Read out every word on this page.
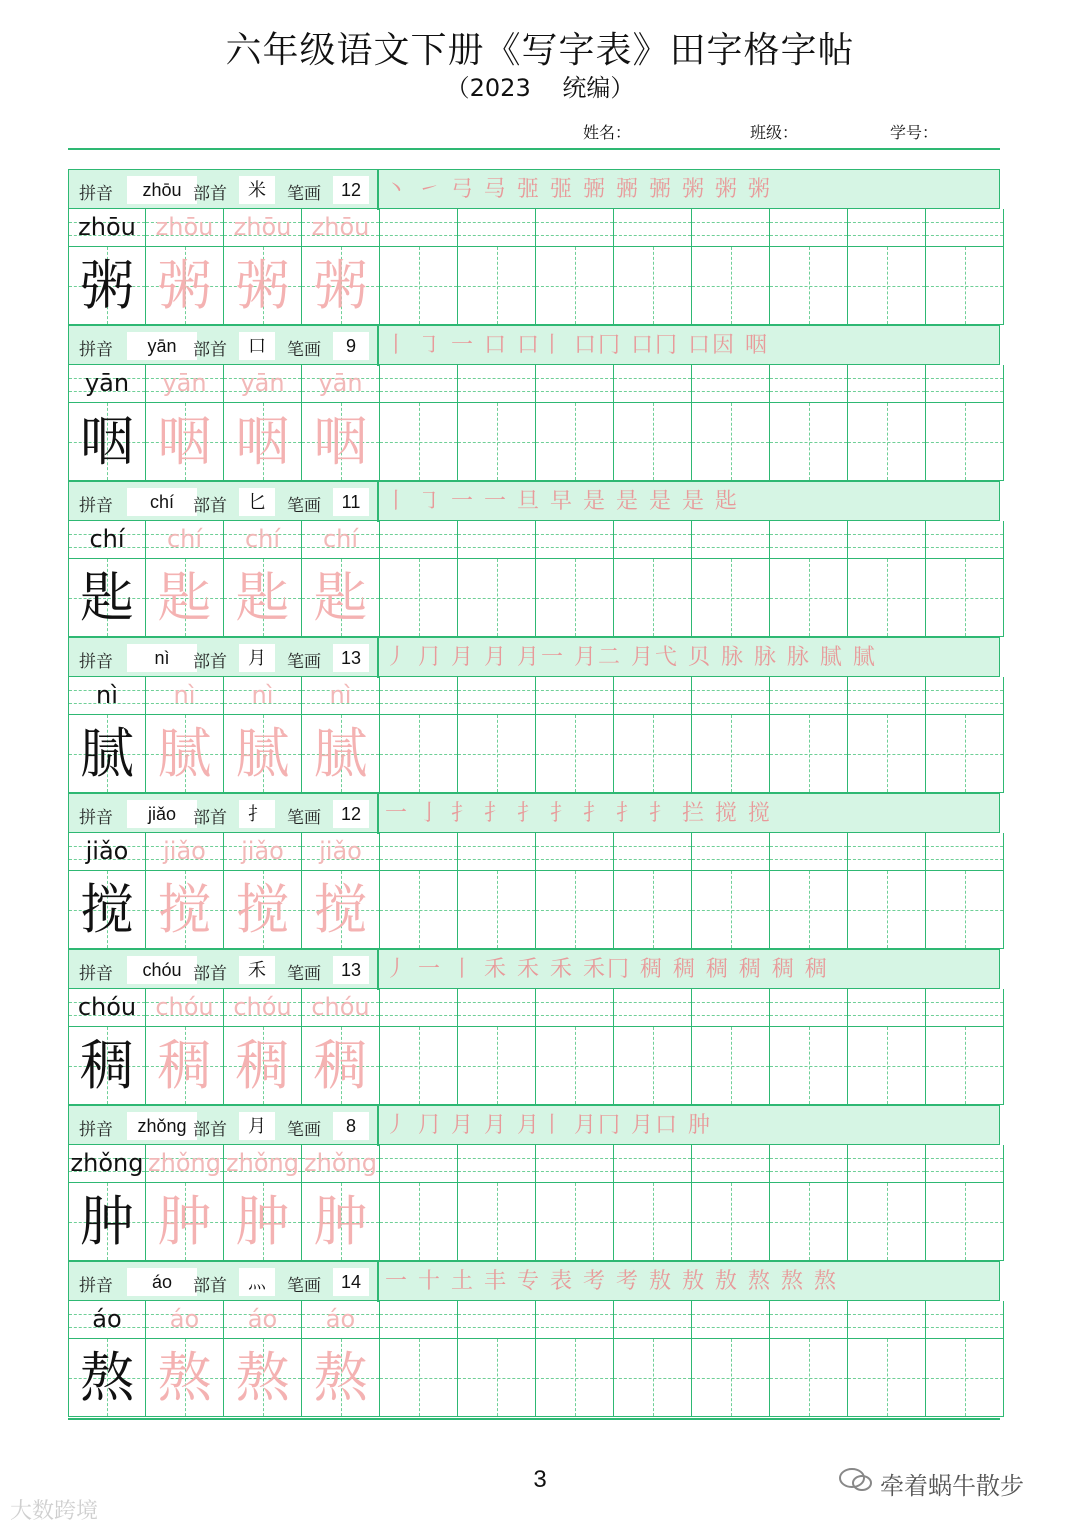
六年级语文下册《写字表》田字格字帖
（2023　 统编）
姓名：	班级：	学号：
拼音	zhōu 部首	米	笔画	12	丶 ㇀ 弓 㢧 弬 弬 弻 弻 弻 粥 粥 粥
zhōu zhōu zhōu zhōu
粥 粥 粥 粥
拼音	yān 部首	口	笔画	9	丨 ㇆ 一 口 口丨 口冂 口冂 口因 咽
yān	yān	yān	yān
咽 咽 咽 咽
拼音	chí	部首	匕	笔画	11	丨 ㇆ 一 一 旦 早 是 是 是 是 匙
chí	chí	chí	chí
匙 匙 匙 匙
拼音	nì	部首	月	笔画	13	丿 ⺆ 月 月 月一 月二 月弋 贝 脉 脉 脉 腻 腻
nì	nì	nì	nì
腻 腻 腻 腻
拼音	jiǎo 部首	扌	笔画	12	一 亅 扌 扌 扌 扌 扌 扌 扌 拦 搅 搅
jiǎo	jiǎo	jiǎo	jiǎo
搅 搅 搅 搅
拼音	chóu 部首	禾	笔画	13	丿 一 丨 禾 禾 禾 禾冂 稠 稠 稠 稠 稠 稠
chóu chóu chóu chóu
稠 稠 稠 稠
拼音	zhǒng 部首	月	笔画	8	丿 ⺆ 月 月 月丨 月冂 月口 肿
zhǒng zhǒng zhǒng zhǒng
肿 肿 肿 肿
拼音	áo	部首	灬	笔画	14	一 十 土 丰 专 表 考 考 敖 敖 敖 熬 熬 熬
áo	áo	áo	áo
熬 熬 熬 熬
3	牵着蜗牛散步
大数跨境
